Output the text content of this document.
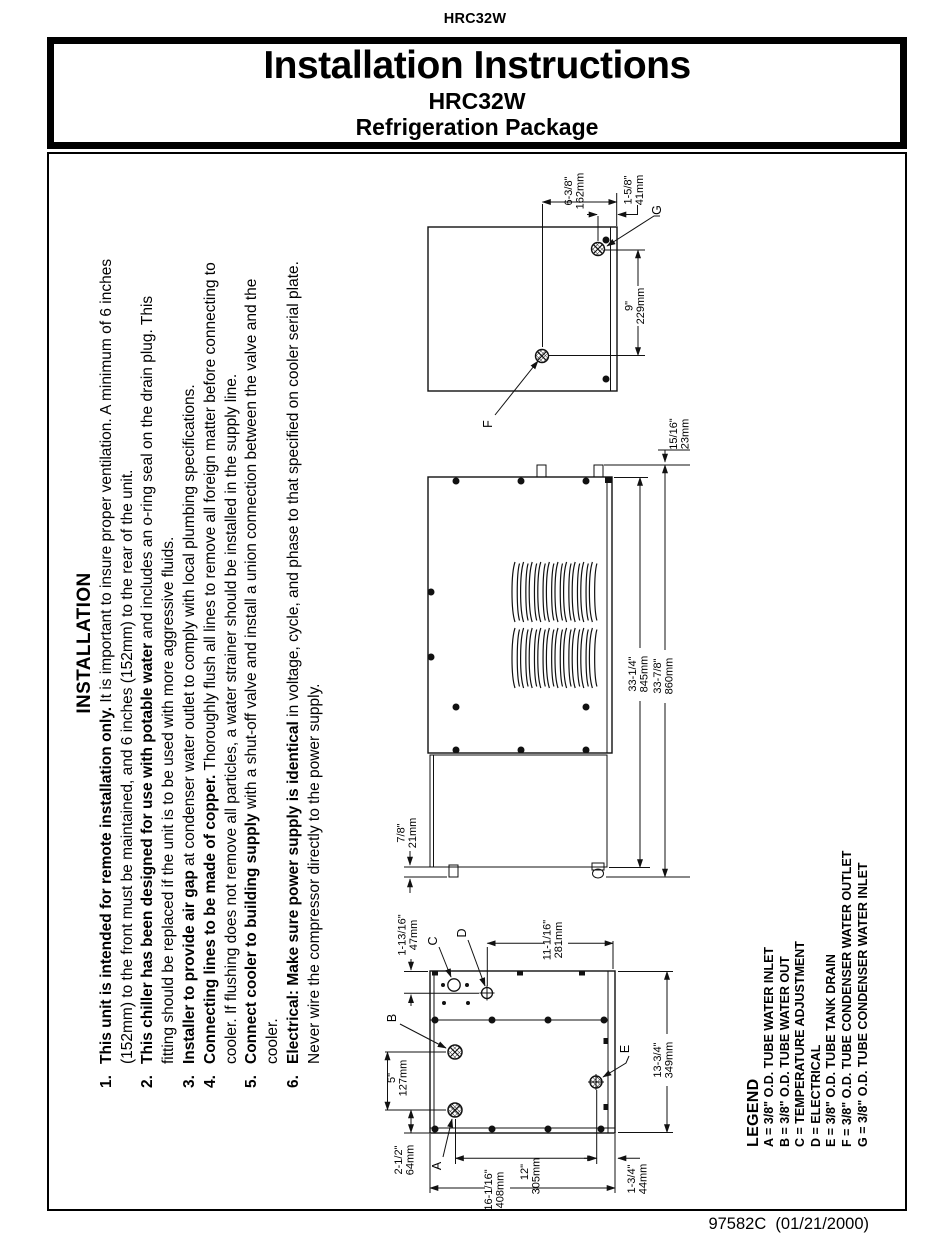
HRC32W
Installation Instructions
HRC32W
Refrigeration Package
INSTALLATION
1.
This unit is intended for remote installation only. It is important to insure proper ventilation. A minimum of 6 inches (152mm) to the front must be maintained, and 6 inches (152mm) to the rear of the unit.
2.
This chiller has been designed for use with potable water and includes an o-ring seal on the drain plug. This
fitting should be replaced if the unit is to be used with more aggressive fluids.
3.
Installer to provide air gap at condenser water outlet to comply with local plumbing specifications.
4.
Connecting lines to be made of copper. Thoroughly flush all lines to remove all foreign matter before connecting to cooler. If flushing does not remove all particles, a water strainer should be installed in the supply line.
5.
Connect cooler to building supply with a shut-off valve and install a union connection between the valve and the
cooler.
6.
Electrical: Make sure power supply is identical in voltage, cycle, and phase to that specified on cooler serial plate.
Never wire the compressor directly to the power supply.
6-3/8" 162mm	1-5/8" 41mm
9" 229mm
F
G
15/16" 23mm
33-1/4" 845mm 33-7/8" 860mm
7/8" 21mm
C
D
B
A
E
1-13/16" 47mm	11-1/16" 281mm
5" 127mm
2-1/2" 64mm
13-3/4" 349mm
12" 305mm
16-1/16" 408mm	1-3/4" 44mm
LEGEND A = 3/8" O.D. TUBE WATER INLET B = 3/8" O.D. TUBE WATER OUT C = TEMPERATURE ADJUSTMENT D = ELECTRICAL E = 3/8" O.D. TUBE TANK DRAIN F = 3/8" O.D. TUBE CONDENSER WATER OUTLET G = 3/8" O.D. TUBE CONDENSER WATER INLET
97582C  (01/21/2000)
